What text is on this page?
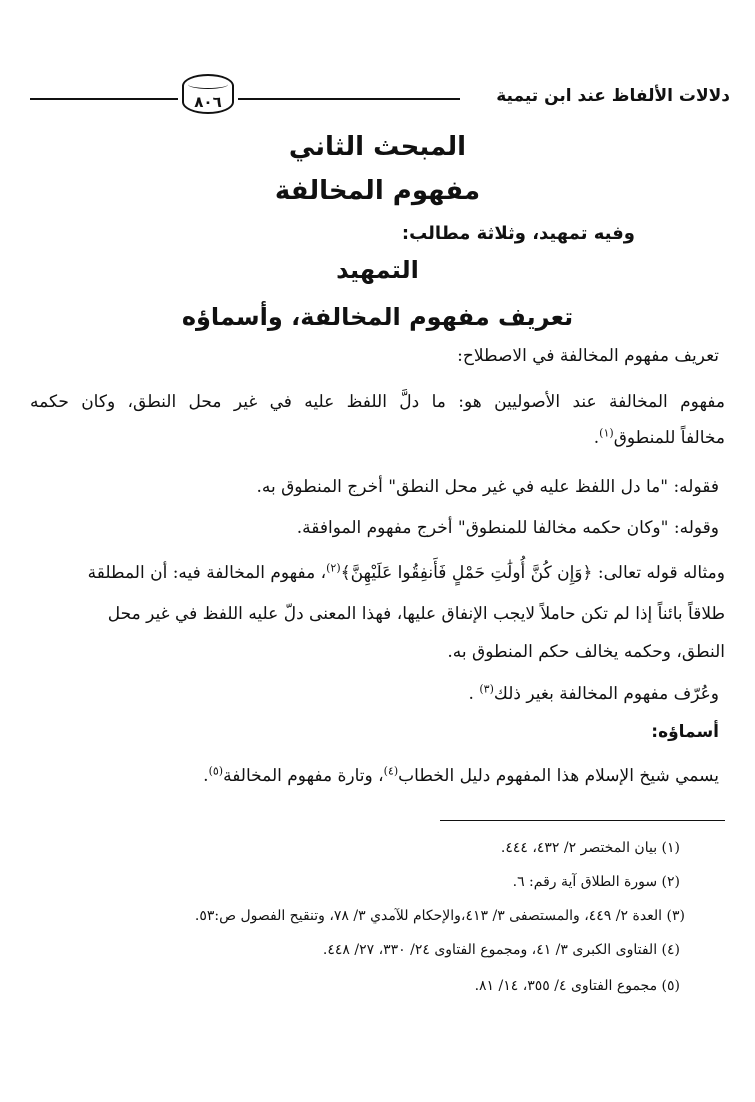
دلالات الألفاظ عند ابن تيمية
٨٠٦
المبحث الثاني
مفهوم المخالفة
وفيه تمهيد، وثلاثة مطالب:
التمهيد
تعريف مفهوم المخالفة، وأسماؤه

تعريف مفهوم المخالفة في الاصطلاح:

مفهوم المخالفة عند الأصوليين هو: ما دلَّ اللفظ عليه في غير محل النطق، وكان حكمه

مخالفاً للمنطوق$^{(١)}$.

فقوله: "ما دل اللفظ عليه في غير محل النطق" أخرج المنطوق به.

وقوله: "وكان حكمه مخالفا للمنطوق" أخرج مفهوم الموافقة.

ومثاله قوله تعالى: ﴿وَإِن كُنَّ أُولَٰتِ حَمْلٍ فَأَنفِقُوا عَلَيْهِنَّ﴾$^{(٢)}$، مفهوم المخالفة فيه: أن المطلقة

طلاقاً بائناً إذا لم تكن حاملاً لايجب الإنفاق عليها، فهذا المعنى دلّ عليه اللفظ في غير محل

النطق، وحكمه يخالف حكم المنطوق به.

وعُرّف مفهوم المخالفة بغير ذلك$^{(٣)}$ .

أسماؤه:

يسمي شيخ الإسلام هذا المفهوم دليل الخطاب$^{(٤)}$، وتارة مفهوم المخالفة$^{(٥)}$.

(١) بيان المختصر ٢/ ٤٣٢، ٤٤٤.
(٢) سورة الطلاق آية رقم: ٦.
(٣) العدة ٢/ ٤٤٩، والمستصفى ٣/ ٤١٣،والإحكام للآمدي ٣/ ٧٨، وتنقيح الفصول ص:٥٣.
(٤) الفتاوى الكبرى ٣/ ٤١، ومجموع الفتاوى ٢٤/ ٣٣٠، ٢٧/ ٤٤٨.
(٥) مجموع الفتاوى ٤/ ٣٥٥، ١٤/ ٨١.
